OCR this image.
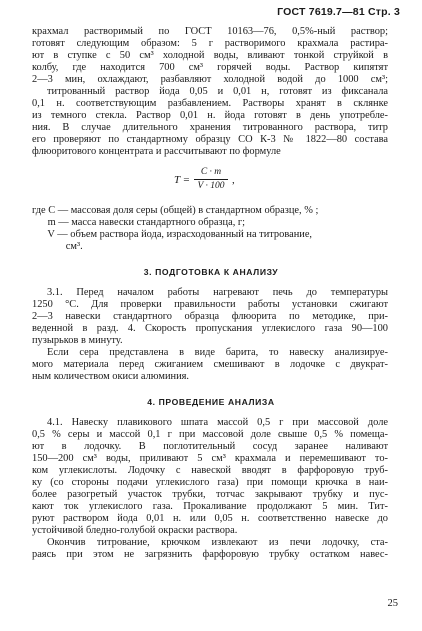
ГОСТ 7619.7—81 Стр. 3
крахмал растворимый по ГОСТ 10163—76, 0,5%-ный раствор;
готовят следующим образом: 5 г растворимого крахмала растира-
ют в ступке с 50 см³ холодной воды, вливают тонкой струйкой в
колбу, где находится 700 см³ горячей воды. Раствор кипятят
2—3 мин, охлаждают, разбавляют холодной водой до 1000 см³;
титрованный раствор йода 0,05 и 0,01 н, готовят из фиксанала
0,1 н. соответствующим разбавлением. Растворы хранят в склянке
из темного стекла. Раствор 0,01 н. йода готовят в день употребле-
ния. В случае длительного хранения титрованного раствора, титр
его проверяют по стандартному образцу СО К-3 № 1822—80 состава
флюоритового концентрата и рассчитывают по формуле
T =
C · m
V · 100 ,
где C — массовая доля серы (общей) в стандартном образце, % ;
m — масса навески стандартного образца, г;
V — объем раствора йода, израсходованный на титрование,
см³.
3. ПОДГОТОВКА К АНАЛИЗУ
3.1. Перед началом работы нагревают печь до температуры
1250 °С. Для проверки правильности работы установки сжигают
2—3 навески стандартного образца флюорита по методике, при-
веденной в разд. 4. Скорость пропускания углекислого газа 90—100
пузырьков в минуту.
Если сера представлена в виде барита, то навеску анализируе-
мого материала перед сжиганием смешивают в лодочке с двукрат-
ным количеством окиси алюминия.
4. ПРОВЕДЕНИЕ АНАЛИЗА
4.1. Навеску плавикового шпата массой 0,5 г при массовой доле
0,5 % серы и массой 0,1 г при массовой доле свыше 0,5 % помеща-
ют в лодочку. В поглотительный сосуд заранее наливают
150—200 см³ воды, приливают 5 см³ крахмала и перемешивают то-
ком углекислоты. Лодочку с навеской вводят в фарфоровую труб-
ку (со стороны подачи углекислого газа) при помощи крючка в наи-
более разогретый участок трубки, тотчас закрывают трубку и пус-
кают ток углекислого газа. Прокаливание продолжают 5 мин. Тит-
руют раствором йода 0,01 н. или 0,05 н. соответственно навеске до
устойчивой бледно-голубой окраски раствора.
Окончив титрование, крючком извлекают из печи лодочку, ста-
раясь при этом не загрязнить фарфоровую трубку остатком навес-
25
